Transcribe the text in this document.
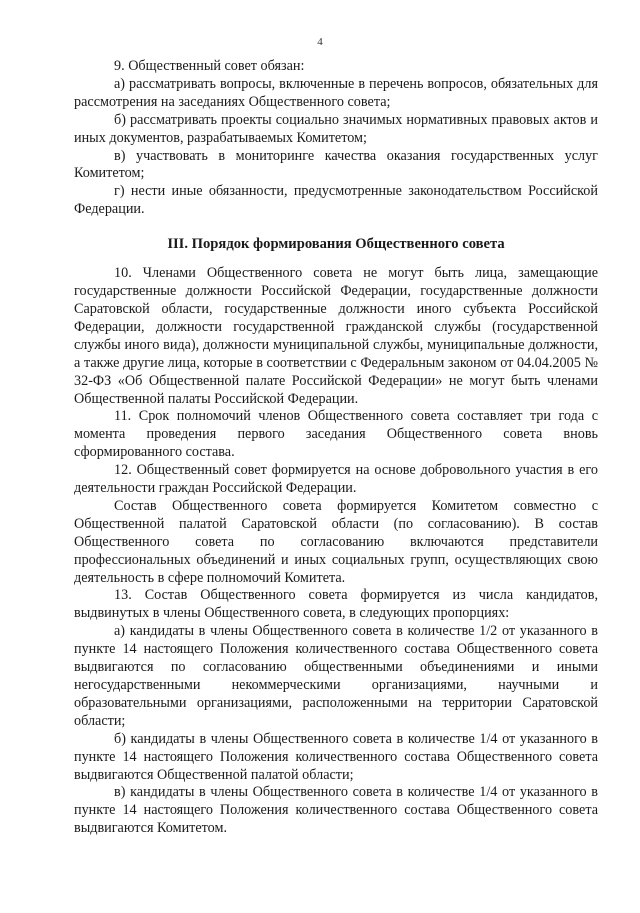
4

9. Общественный совет обязан:

а) рассматривать вопросы, включенные в перечень вопросов, обязательных для рассмотрения на заседаниях Общественного совета;

б) рассматривать проекты социально значимых нормативных правовых актов и иных документов, разрабатываемых Комитетом;

в) участвовать в мониторинге качества оказания государственных услуг Комитетом;

г) нести иные обязанности, предусмотренные законодательством Российской Федерации.

III. Порядок формирования Общественного совета

10. Членами Общественного совета не могут быть лица, замещающие государственные должности Российской Федерации, государственные должности Саратовской области, государственные должности иного субъекта Российской Федерации, должности государственной гражданской службы (государственной службы иного вида), должности муниципальной службы, муниципальные должности, а также другие лица, которые в соответствии с Федеральным законом от 04.04.2005 № 32-ФЗ «Об Общественной палате Российской Федерации» не могут быть членами Общественной палаты Российской Федерации.

11. Срок полномочий членов Общественного совета составляет три года с момента проведения первого заседания Общественного совета вновь сформированного состава.

12. Общественный совет формируется на основе добровольного участия в его деятельности граждан Российской Федерации.

Состав Общественного совета формируется Комитетом совместно с Общественной палатой Саратовской области (по согласованию). В состав Общественного совета по согласованию включаются представители профессиональных объединений и иных социальных групп, осуществляющих свою деятельность в сфере полномочий Комитета.

13. Состав Общественного совета формируется из числа кандидатов, выдвинутых в члены Общественного совета, в следующих пропорциях:

а) кандидаты в члены Общественного совета в количестве 1/2 от указанного в пункте 14 настоящего Положения количественного состава Общественного совета выдвигаются по согласованию общественными объединениями и иными негосударственными некоммерческими организациями, научными и образовательными организациями, расположенными на территории Саратовской области;

б) кандидаты в члены Общественного совета в количестве 1/4 от указанного в пункте 14 настоящего Положения количественного состава Общественного совета выдвигаются Общественной палатой области;

в) кандидаты в члены Общественного совета в количестве 1/4 от указанного в пункте 14 настоящего Положения количественного состава Общественного совета выдвигаются Комитетом.
